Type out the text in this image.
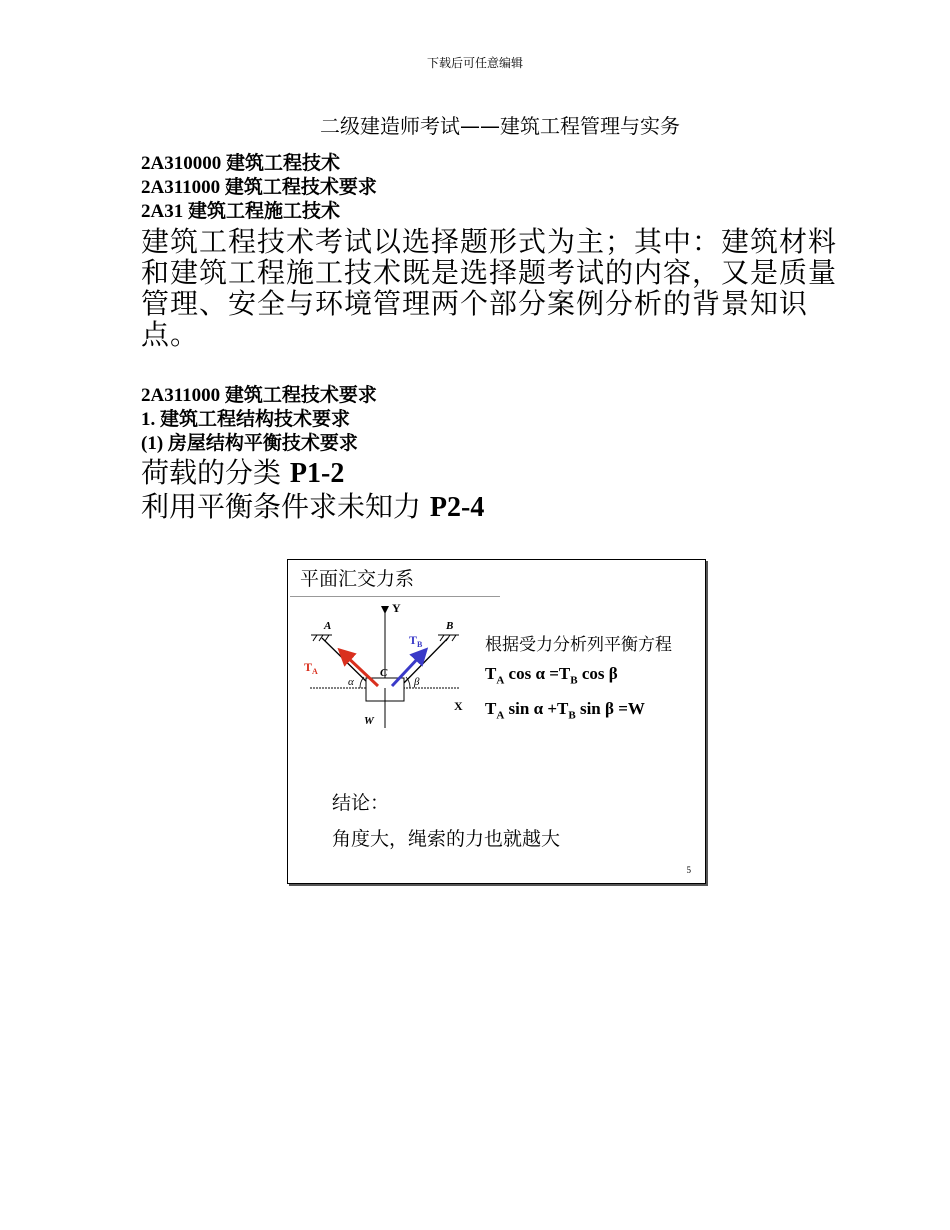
下载后可任意编辑
二级建造师考试——建筑工程管理与实务
2A310000 建筑工程技术
2A311000 建筑工程技术要求
2A31 建筑工程施工技术
建筑工程技术考试以选择题形式为主；其中：建筑材料和建筑工程施工技术既是选择题考试的内容，又是质量管理、安全与环境管理两个部分案例分析的背景知识点。
2A311000 建筑工程技术要求
1. 建筑工程结构技术要求
(1) 房屋结构平衡技术要求
荷载的分类 P1-2
利用平衡条件求未知力 P2-4
平面汇交力系
Y
X
A	B
C
W
α	β
$T_A$
$T_B$	根据受力分析列平衡方程
$T_A$ $\cos \alpha =T_B$ cos β
$T_A$ $\sin \alpha +T_B$ sin β =W
结论：
角度大，绳索的力也就越大
5
